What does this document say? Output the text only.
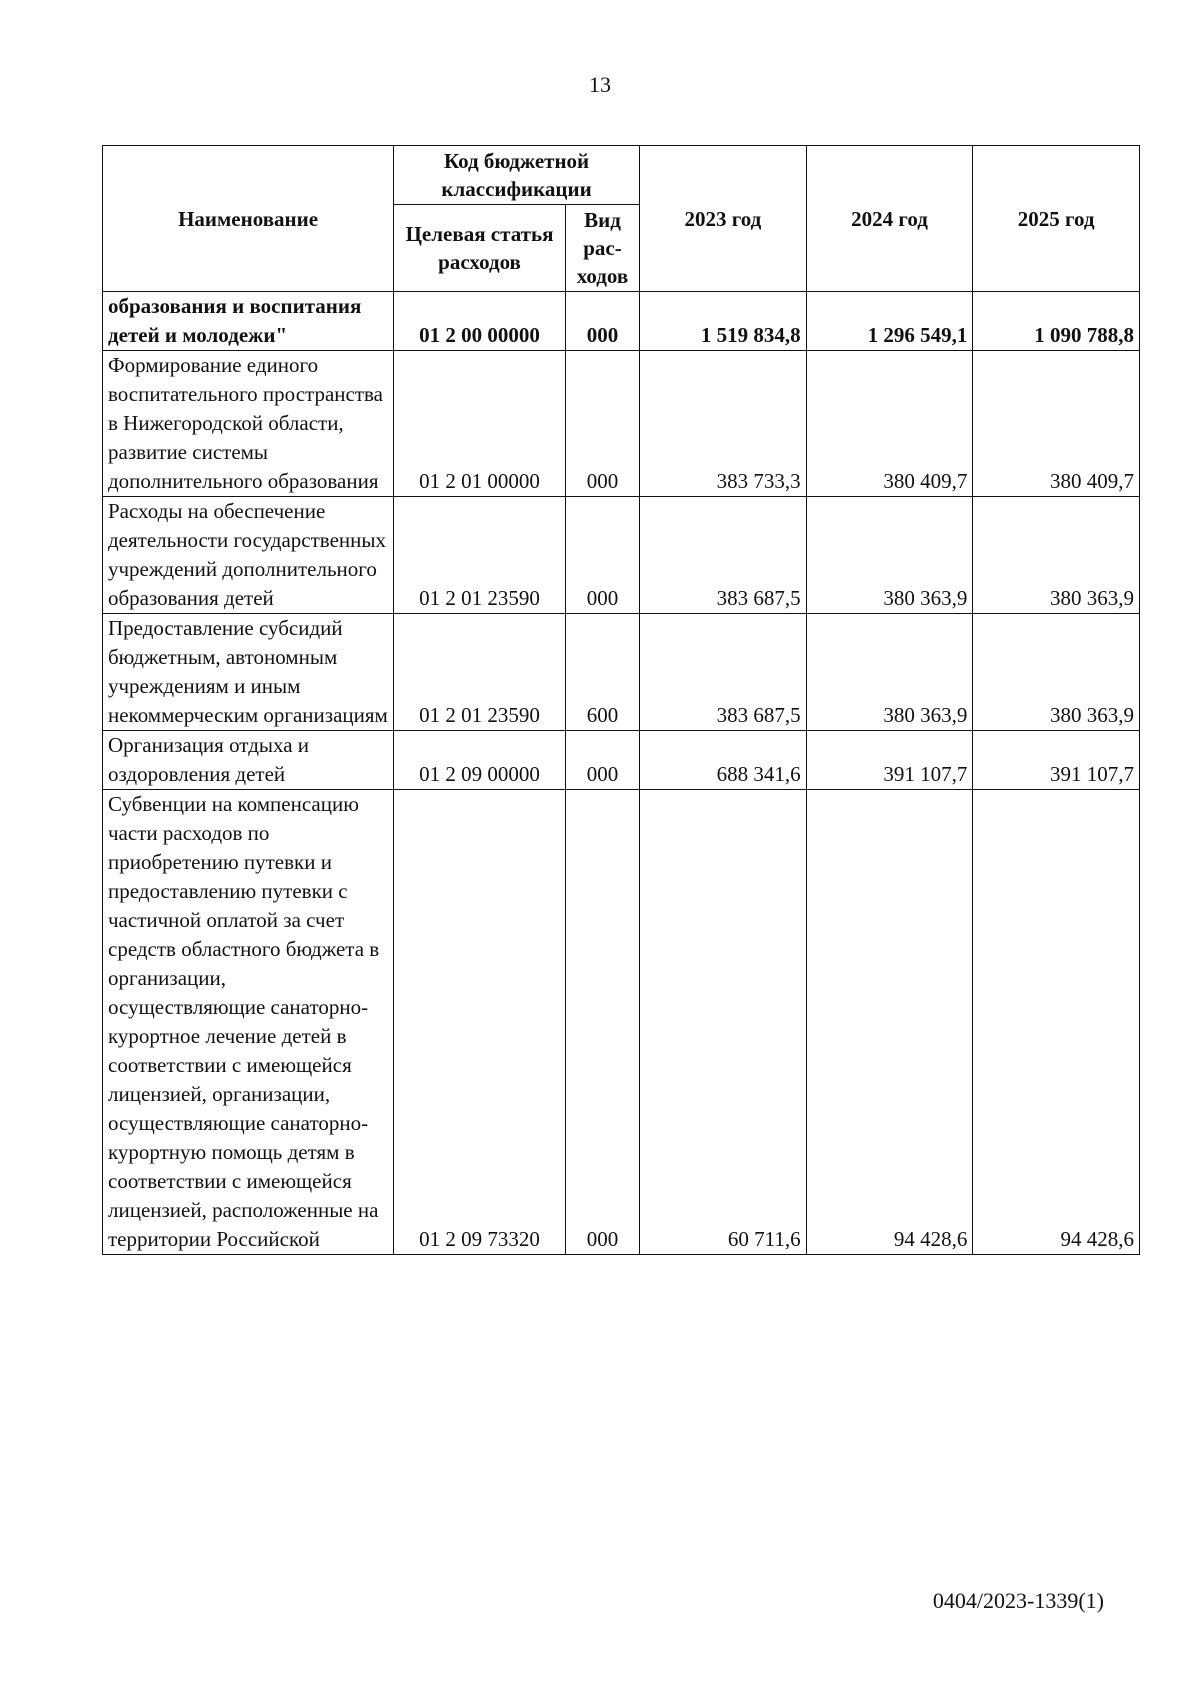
13
Наименование	Код бюджетной классификации		2023 год	2024 год	2025 год
	Целевая статья расходов	Вид рас-ходов			
образования и воспитания детей и молодежи"	01 2 00 00000	000	1 519 834,8	1 296 549,1	1 090 788,8
Формирование единого воспитательного пространства в Нижегородской области, развитие системы дополнительного образования	01 2 01 00000	000	383 733,3	380 409,7	380 409,7
Расходы на обеспечение деятельности государственных учреждений дополнительного образования детей	01 2 01 23590	000	383 687,5	380 363,9	380 363,9
Предоставление субсидий бюджетным, автономным учреждениям и иным некоммерческим организациям	01 2 01 23590	600	383 687,5	380 363,9	380 363,9
Организация отдыха и оздоровления детей	01 2 09 00000	000	688 341,6	391 107,7	391 107,7
Субвенции на компенсацию части расходов по приобретению путевки и предоставлению путевки с частичной оплатой за счет средств областного бюджета в организации, осуществляющие санаторно-курортное лечение детей в соответствии с имеющейся лицензией, организации, осуществляющие санаторно-курортную помощь детям в соответствии с имеющейся лицензией, расположенные на территории Российской	01 2 09 73320	000	60 711,6	94 428,6	94 428,6
0404/2023-1339(1)
